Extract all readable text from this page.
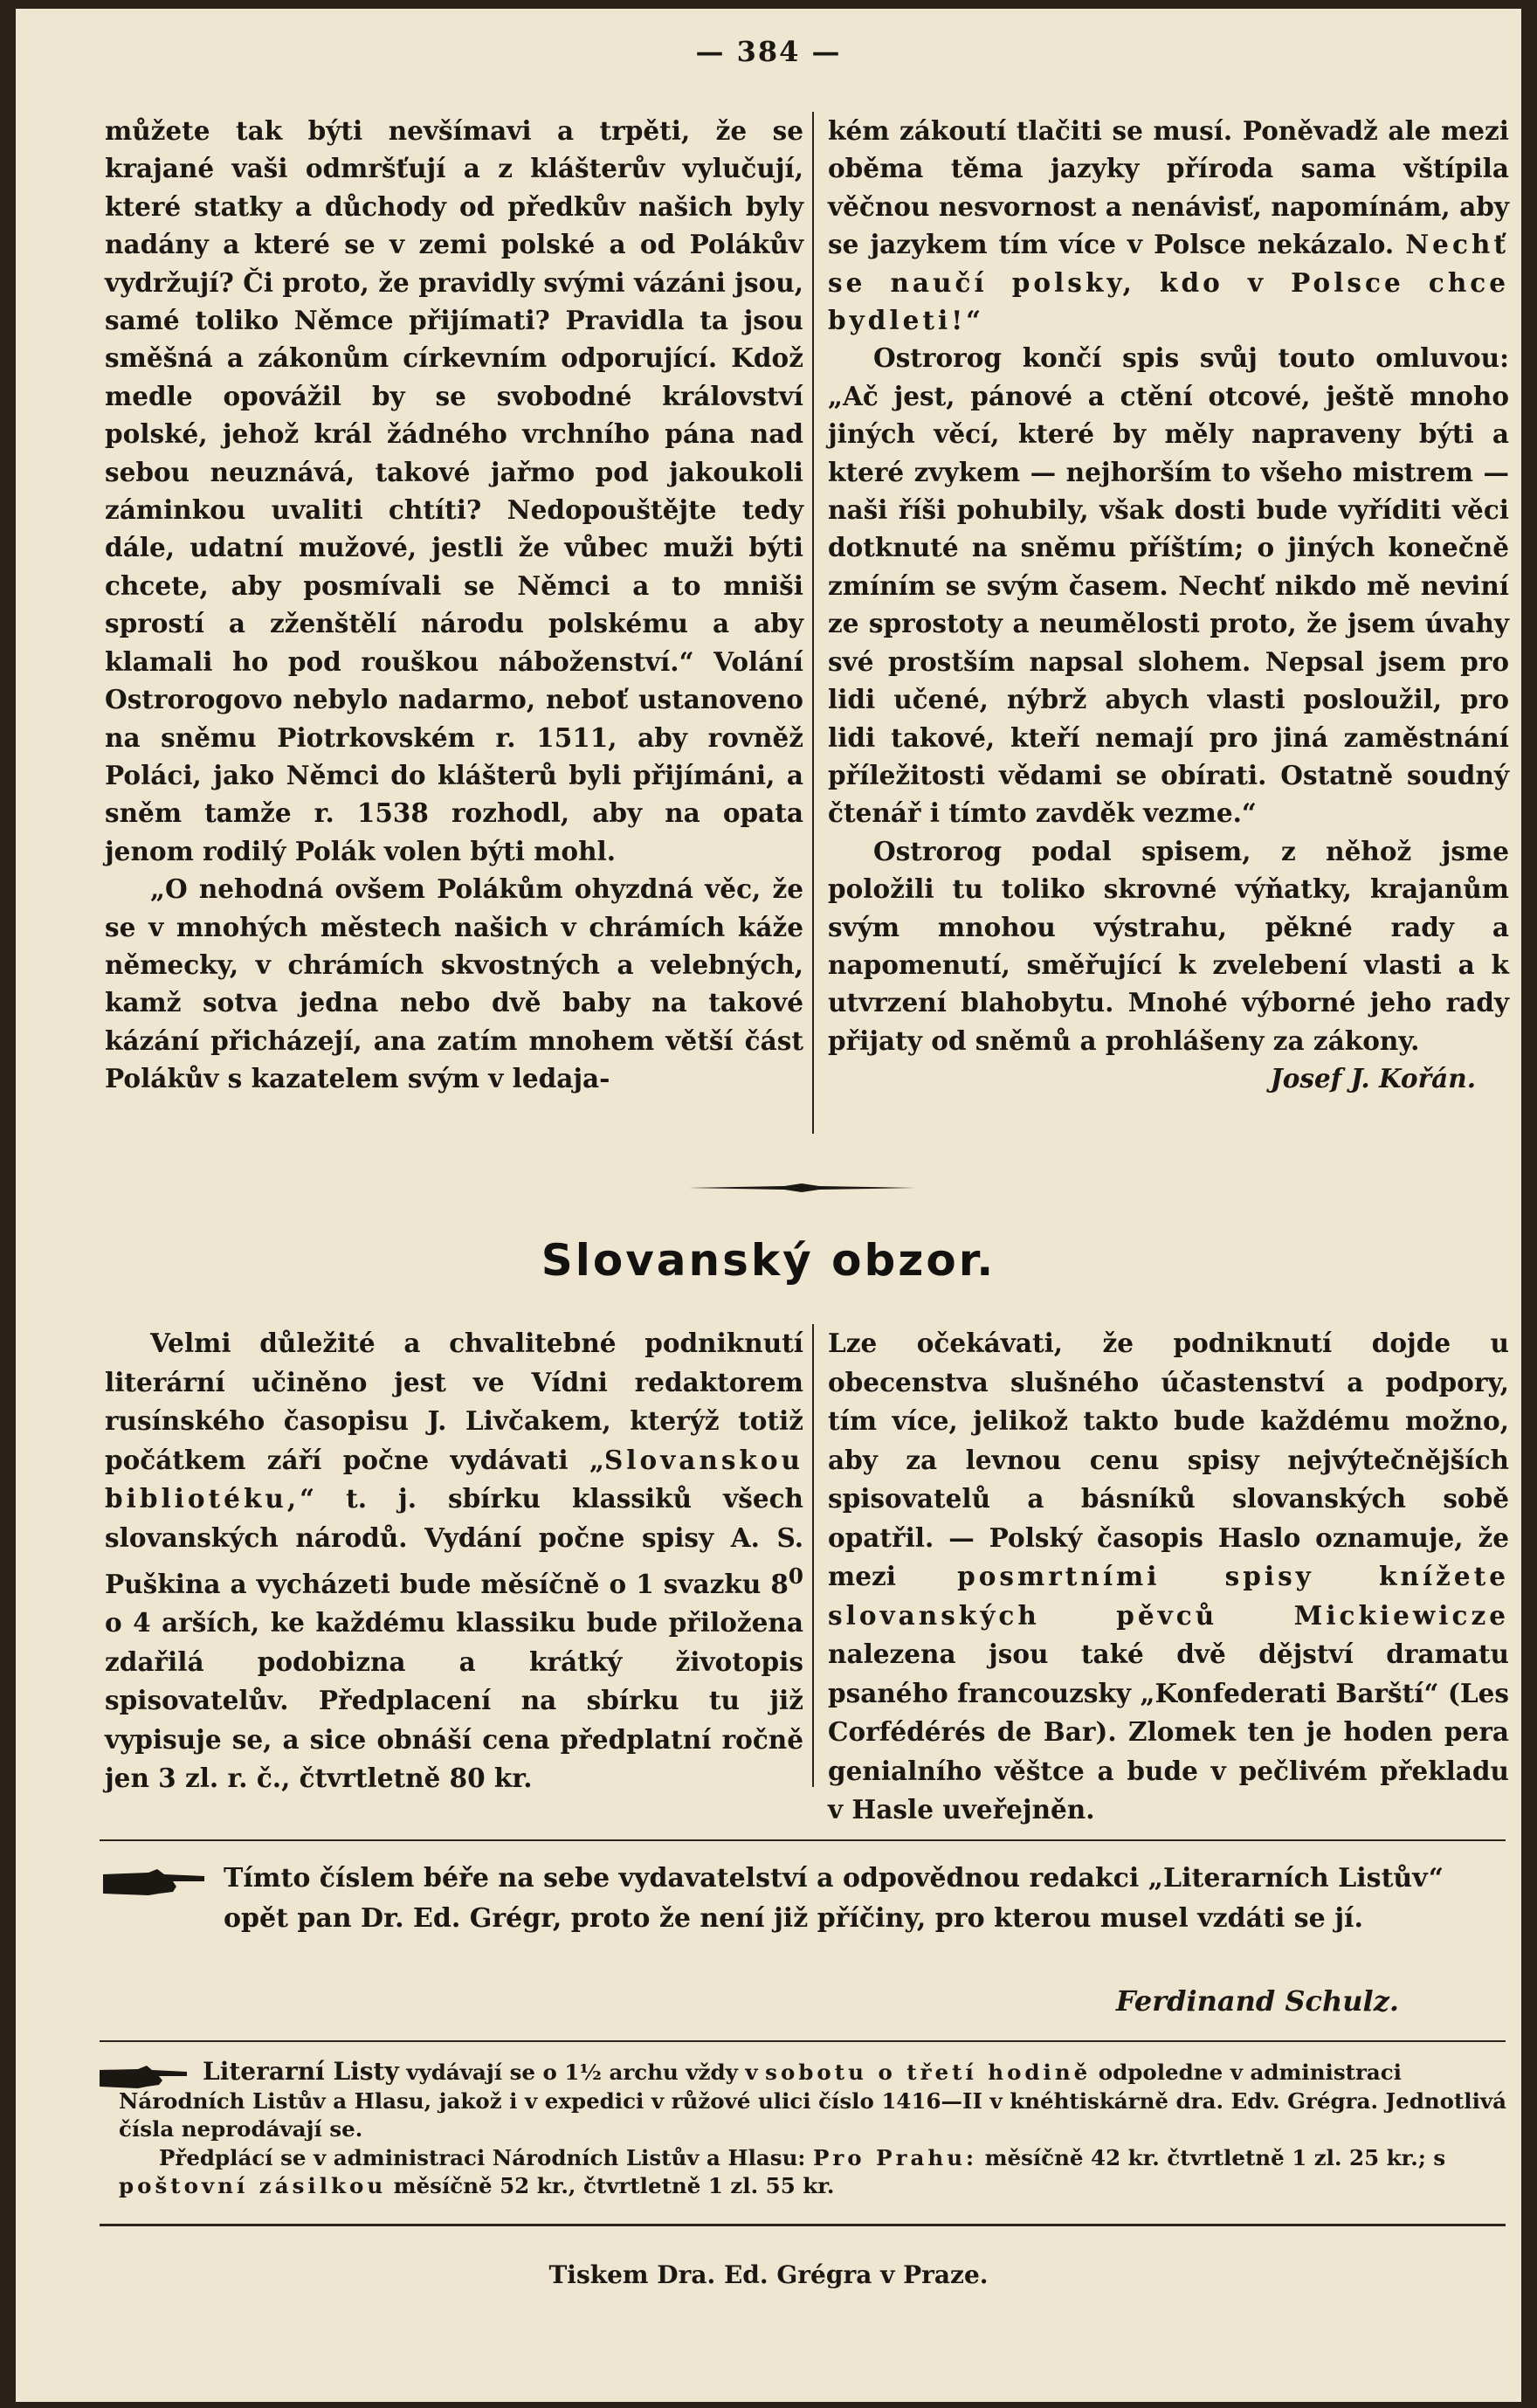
— 384 —

můžete tak býti nevšímavi a trpěti, že se krajané vaši odmršťují a z klášterův vylučují, které statky a důchody od předkův našich byly nadány a které se v zemi polské a od Polákův vydržují? Či proto, že pravidly svými vázáni jsou, samé toliko Němce přijímati? Pravidla ta jsou směšná a zákonům církevním odporující. Kdož medle opovážil by se svobodné království polské, jehož král žádného vrchního pána nad sebou neuznává, takové jařmo pod jakoukoli záminkou uvaliti chtíti? Nedopouštějte tedy dále, udatní mužové, jestli že vůbec muži býti chcete, aby posmívali se Němci a to mniši sprostí a zženštělí národu polskému a aby klamali ho pod rouškou náboženství.“ Volání Ostrorogovo nebylo nadarmo, neboť ustanoveno na sněmu Piotrkovském r. 1511, aby rovněž Poláci, jako Němci do klášterů byli přijímáni, a sněm tamže r. 1538 rozhodl, aby na opata jenom rodilý Polák volen býti mohl.

„O nehodná ovšem Polákům ohyzdná věc, že se v mnohých městech našich v chrámích káže německy, v chrámích skvostných a velebných, kamž sotva jedna nebo dvě baby na takové kázání přicházejí, ana zatím mnohem větší část Polákův s kazatelem svým v ledaja-

kém zákoutí tlačiti se musí. Poněvadž ale mezi oběma těma jazyky příroda sama vštípila věčnou nesvornost a nenávisť, napomínám, aby se jazykem tím více v Polsce nekázalo. Nechť se naučí polsky, kdo v Polsce chce bydleti!“

Ostrorog končí spis svůj touto omluvou: „Ač jest, pánové a ctění otcové, ještě mnoho jiných věcí, které by měly napraveny býti a které zvykem — nejhorším to všeho mistrem — naši říši pohubily, však dosti bude vyříditi věci dotknuté na sněmu příštím; o jiných konečně zmíním se svým časem. Nechť nikdo mě neviní ze sprostoty a neumělosti proto, že jsem úvahy své prostším napsal slohem. Nepsal jsem pro lidi učené, nýbrž abych vlasti posloužil, pro lidi takové, kteří nemají pro jiná zaměstnání příležitosti vědami se obírati. Ostatně soudný čtenář i tímto zavděk vezme.“

Ostrorog podal spisem, z něhož jsme položili tu toliko skrovné výňatky, krajanům svým mnohou výstrahu, pěkné rady a napomenutí, směřující k zvelebení vlasti a k utvrzení blahobytu. Mnohé výborné jeho rady přijaty od sněmů a prohlášeny za zákony.

Josef J. Kořán.

Slovanský obzor.

Velmi důležité a chvalitebné podniknutí literární učiněno jest ve Vídni redaktorem rusínského časopisu J. Livčakem, kterýž totiž počátkem září počne vydávati „Slovanskou bibliotéku,“ t. j. sbírku klassiků všech slovanských národů. Vydání počne spisy A. S. Puškina a vycházeti bude měsíčně o 1 svazku $8^0$ o 4 arších, ke každému klassiku bude přiložena zdařilá podobizna a krátký životopis spisovatelův. Předplacení na sbírku tu již vypisuje se, a sice obnáší cena předplatní ročně jen 3 zl. r. č., čtvrtletně 80 kr.

Lze očekávati, že podniknutí dojde u obecenstva slušného účastenství a podpory, tím více, jelikož takto bude každému možno, aby za levnou cenu spisy nejvýtečnějších spisovatelů a básníků slovanských sobě opatřil. — Polský časopis Haslo oznamuje, že mezi posmrtními spisy knížete slovanských pěvců Mickiewicze nalezena jsou také dvě dějství dramatu psaného francouzsky „Konfederati Barští“ (Les Corfédérés de Bar). Zlomek ten je hoden pera genialního věštce a bude v pečlivém překladu v Hasle uveřejněn.

Tímto číslem béře na sebe vydavatelství a odpovědnou redakci „Literarních Listův“ opět pan Dr. Ed. Grégr, proto že není již příčiny, pro kterou musel vzdáti se jí.
Ferdinand Schulz.

Literarní Listy vydávají se o 1½ archu vždy v sobotu o třetí hodině odpoledne v administraci Národních Listův a Hlasu, jakož i v expedici v růžové ulici číslo 1416—II v knéhtiskárně dra. Edv. Grégra. Jednotlivá čísla neprodávají se.

Předplácí se v administraci Národních Listův a Hlasu: Pro Prahu: měsíčně 42 kr. čtvrtletně 1 zl. 25 kr.; s poštovní zásilkou měsíčně 52 kr., čtvrtletně 1 zl. 55 kr.

Tiskem Dra. Ed. Grégra v Praze.
